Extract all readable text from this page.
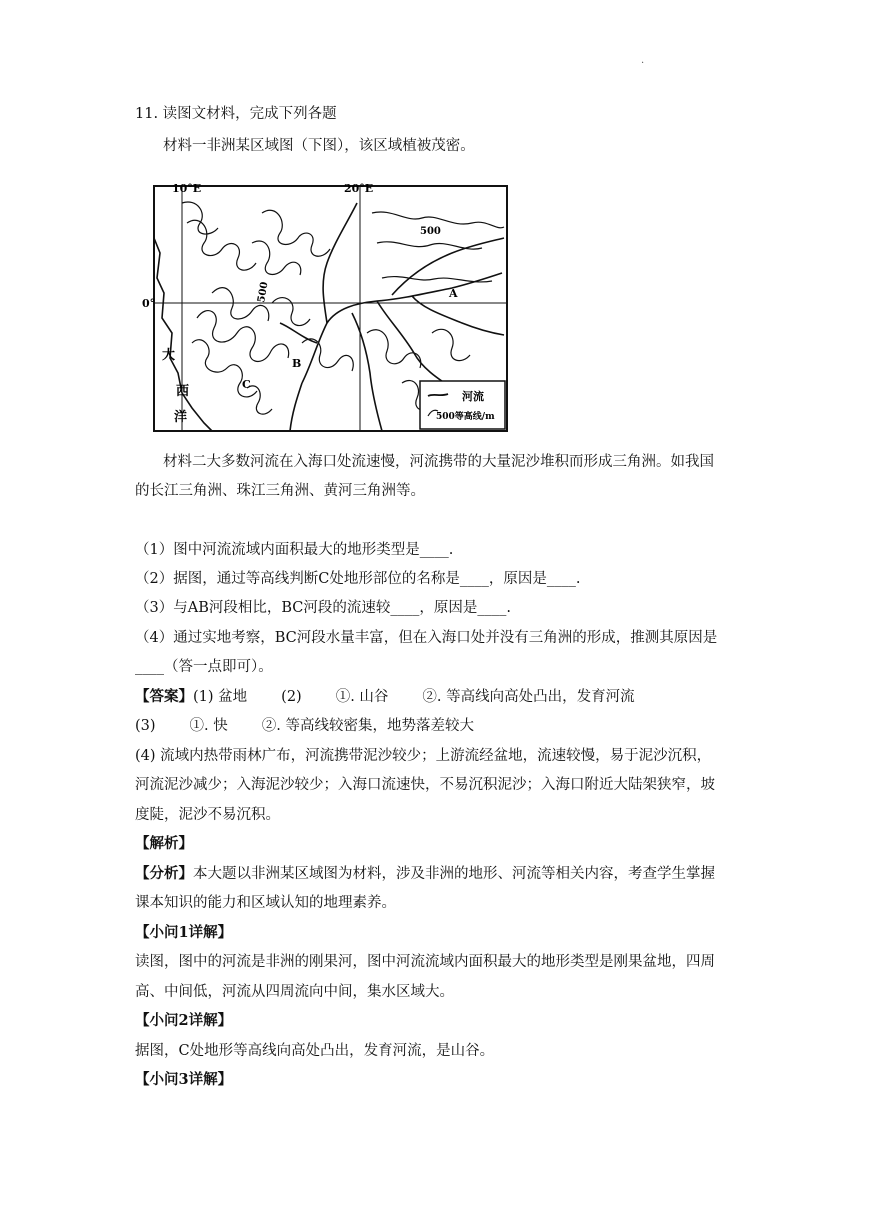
.
11. 读图文材料，完成下列各题
材料一非洲某区域图（下图），该区域植被茂密。
河流
500等高线/m
10°E	20°E
0°
大
西
洋
500
500	A
B
C
材料二大多数河流在入海口处流速慢，河流携带的大量泥沙堆积而形成三角洲。如我国
的长江三角洲、珠江三角洲、黄河三角洲等。
（1）图中河流流域内面积最大的地形类型是____.
（2）据图，通过等高线判断C处地形部位的名称是____，原因是____.
（3）与AB河段相比，BC河段的流速较____，原因是____.
（4）通过实地考察，BC河段水量丰富，但在入海口处并没有三角洲的形成，推测其原因是
____（答一点即可）。
【答案】(1) 盆地 (2) ①. 山谷 ②. 等高线向高处凸出，发育河流
(3) ①. 快 ②. 等高线较密集，地势落差较大
(4) 流域内热带雨林广布，河流携带泥沙较少；上游流经盆地，流速较慢，易于泥沙沉积，
河流泥沙减少；入海泥沙较少；入海口流速快，不易沉积泥沙；入海口附近大陆架狭窄，坡
度陡，泥沙不易沉积。
【解析】
【分析】本大题以非洲某区域图为材料，涉及非洲的地形、河流等相关内容，考查学生掌握
课本知识的能力和区域认知的地理素养。
【小问1详解】
读图，图中的河流是非洲的刚果河，图中河流流域内面积最大的地形类型是刚果盆地，四周
高、中间低，河流从四周流向中间，集水区域大。
【小问2详解】
据图，C处地形等高线向高处凸出，发育河流，是山谷。
【小问3详解】
